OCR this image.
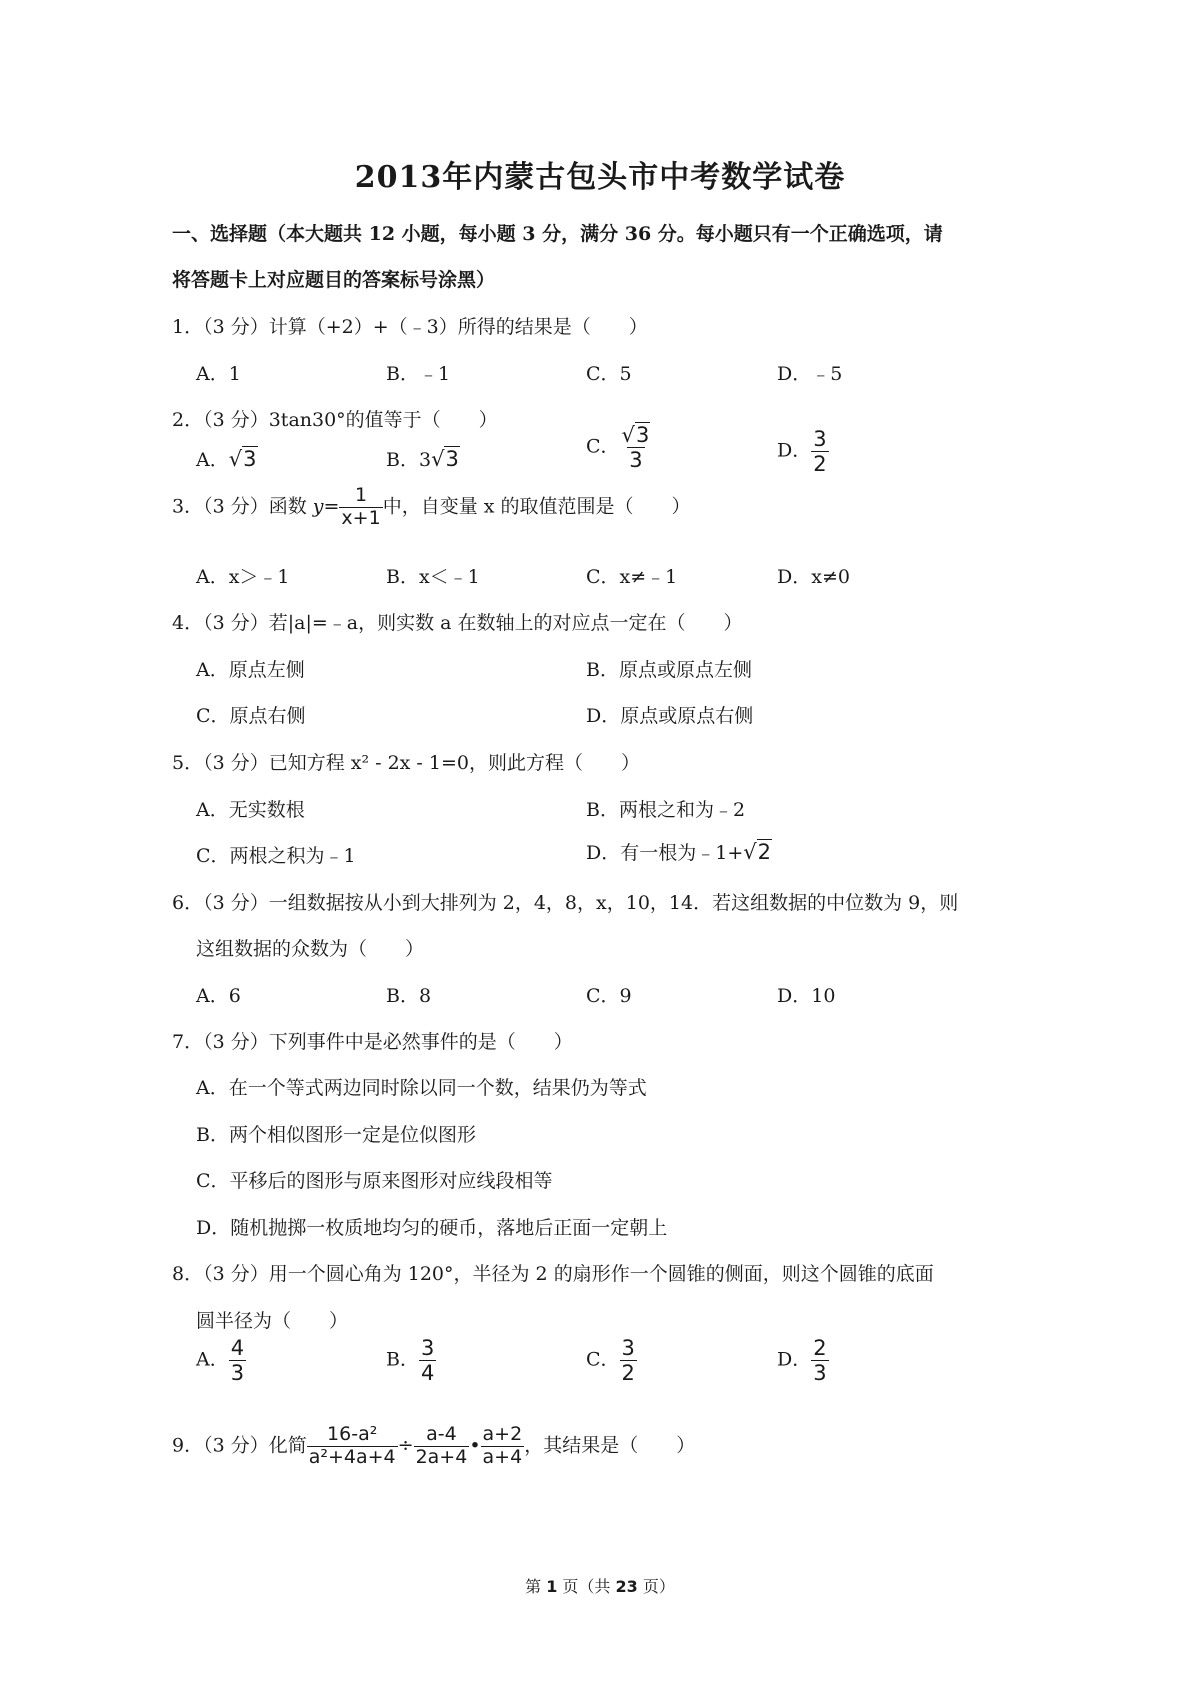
2013年内蒙古包头市中考数学试卷
一、选择题（本大题共 12 小题，每小题 3 分，满分 36 分。每小题只有一个正确选项，请
将答题卡上对应题目的答案标号涂黑）
1．（3 分）计算（+2）+（﹣3）所得的结果是（　　）
A．1	B．﹣1	C．5	D．﹣5
2．（3 分）3tan30°的值等于（　　）
A．√3	B．3√3
C． $\frac{√3}{3}$	D． $\frac{3}{2}$
3．（3 分）函数 $y= \frac{1}{x+1}$ 中，自变量 x 的取值范围是（　　）
A．x＞﹣1	B．x＜﹣1	C．x≠﹣1	D．x≠0
4．（3 分）若|a|=﹣a，则实数 a 在数轴上的对应点一定在（　　）
A．原点左侧	B．原点或原点左侧
C．原点右侧	D．原点或原点右侧
5．（3 分）已知方程 x² - 2x - 1=0，则此方程（　　）
A．无实数根	B．两根之和为﹣2
C．两根之积为﹣1	D．有一根为﹣1+√2
6．（3 分）一组数据按从小到大排列为 2，4，8，x，10，14．若这组数据的中位数为 9，则
这组数据的众数为（　　）
A．6	B．8	C．9	D．10
7．（3 分）下列事件中是必然事件的是（　　）
A．在一个等式两边同时除以同一个数，结果仍为等式
B．两个相似图形一定是位似图形
C．平移后的图形与原来图形对应线段相等
D．随机抛掷一枚质地均匀的硬币，落地后正面一定朝上
8．（3 分）用一个圆心角为 120°，半径为 2 的扇形作一个圆锥的侧面，则这个圆锥的底面
圆半径为（　　）
A． $\frac{4}{3}$	B． $\frac{3}{4}$	C． $\frac{3}{2}$	D． $\frac{2}{3}$
9．（3 分）化简 $\frac{\text{16-a²}}{\text{a²+4a+4}} \div \frac{a-4}{2a+4}$ • $\frac{a+2}{a+4}$ ，其结果是（　　）
第 1 页（共 23 页）
